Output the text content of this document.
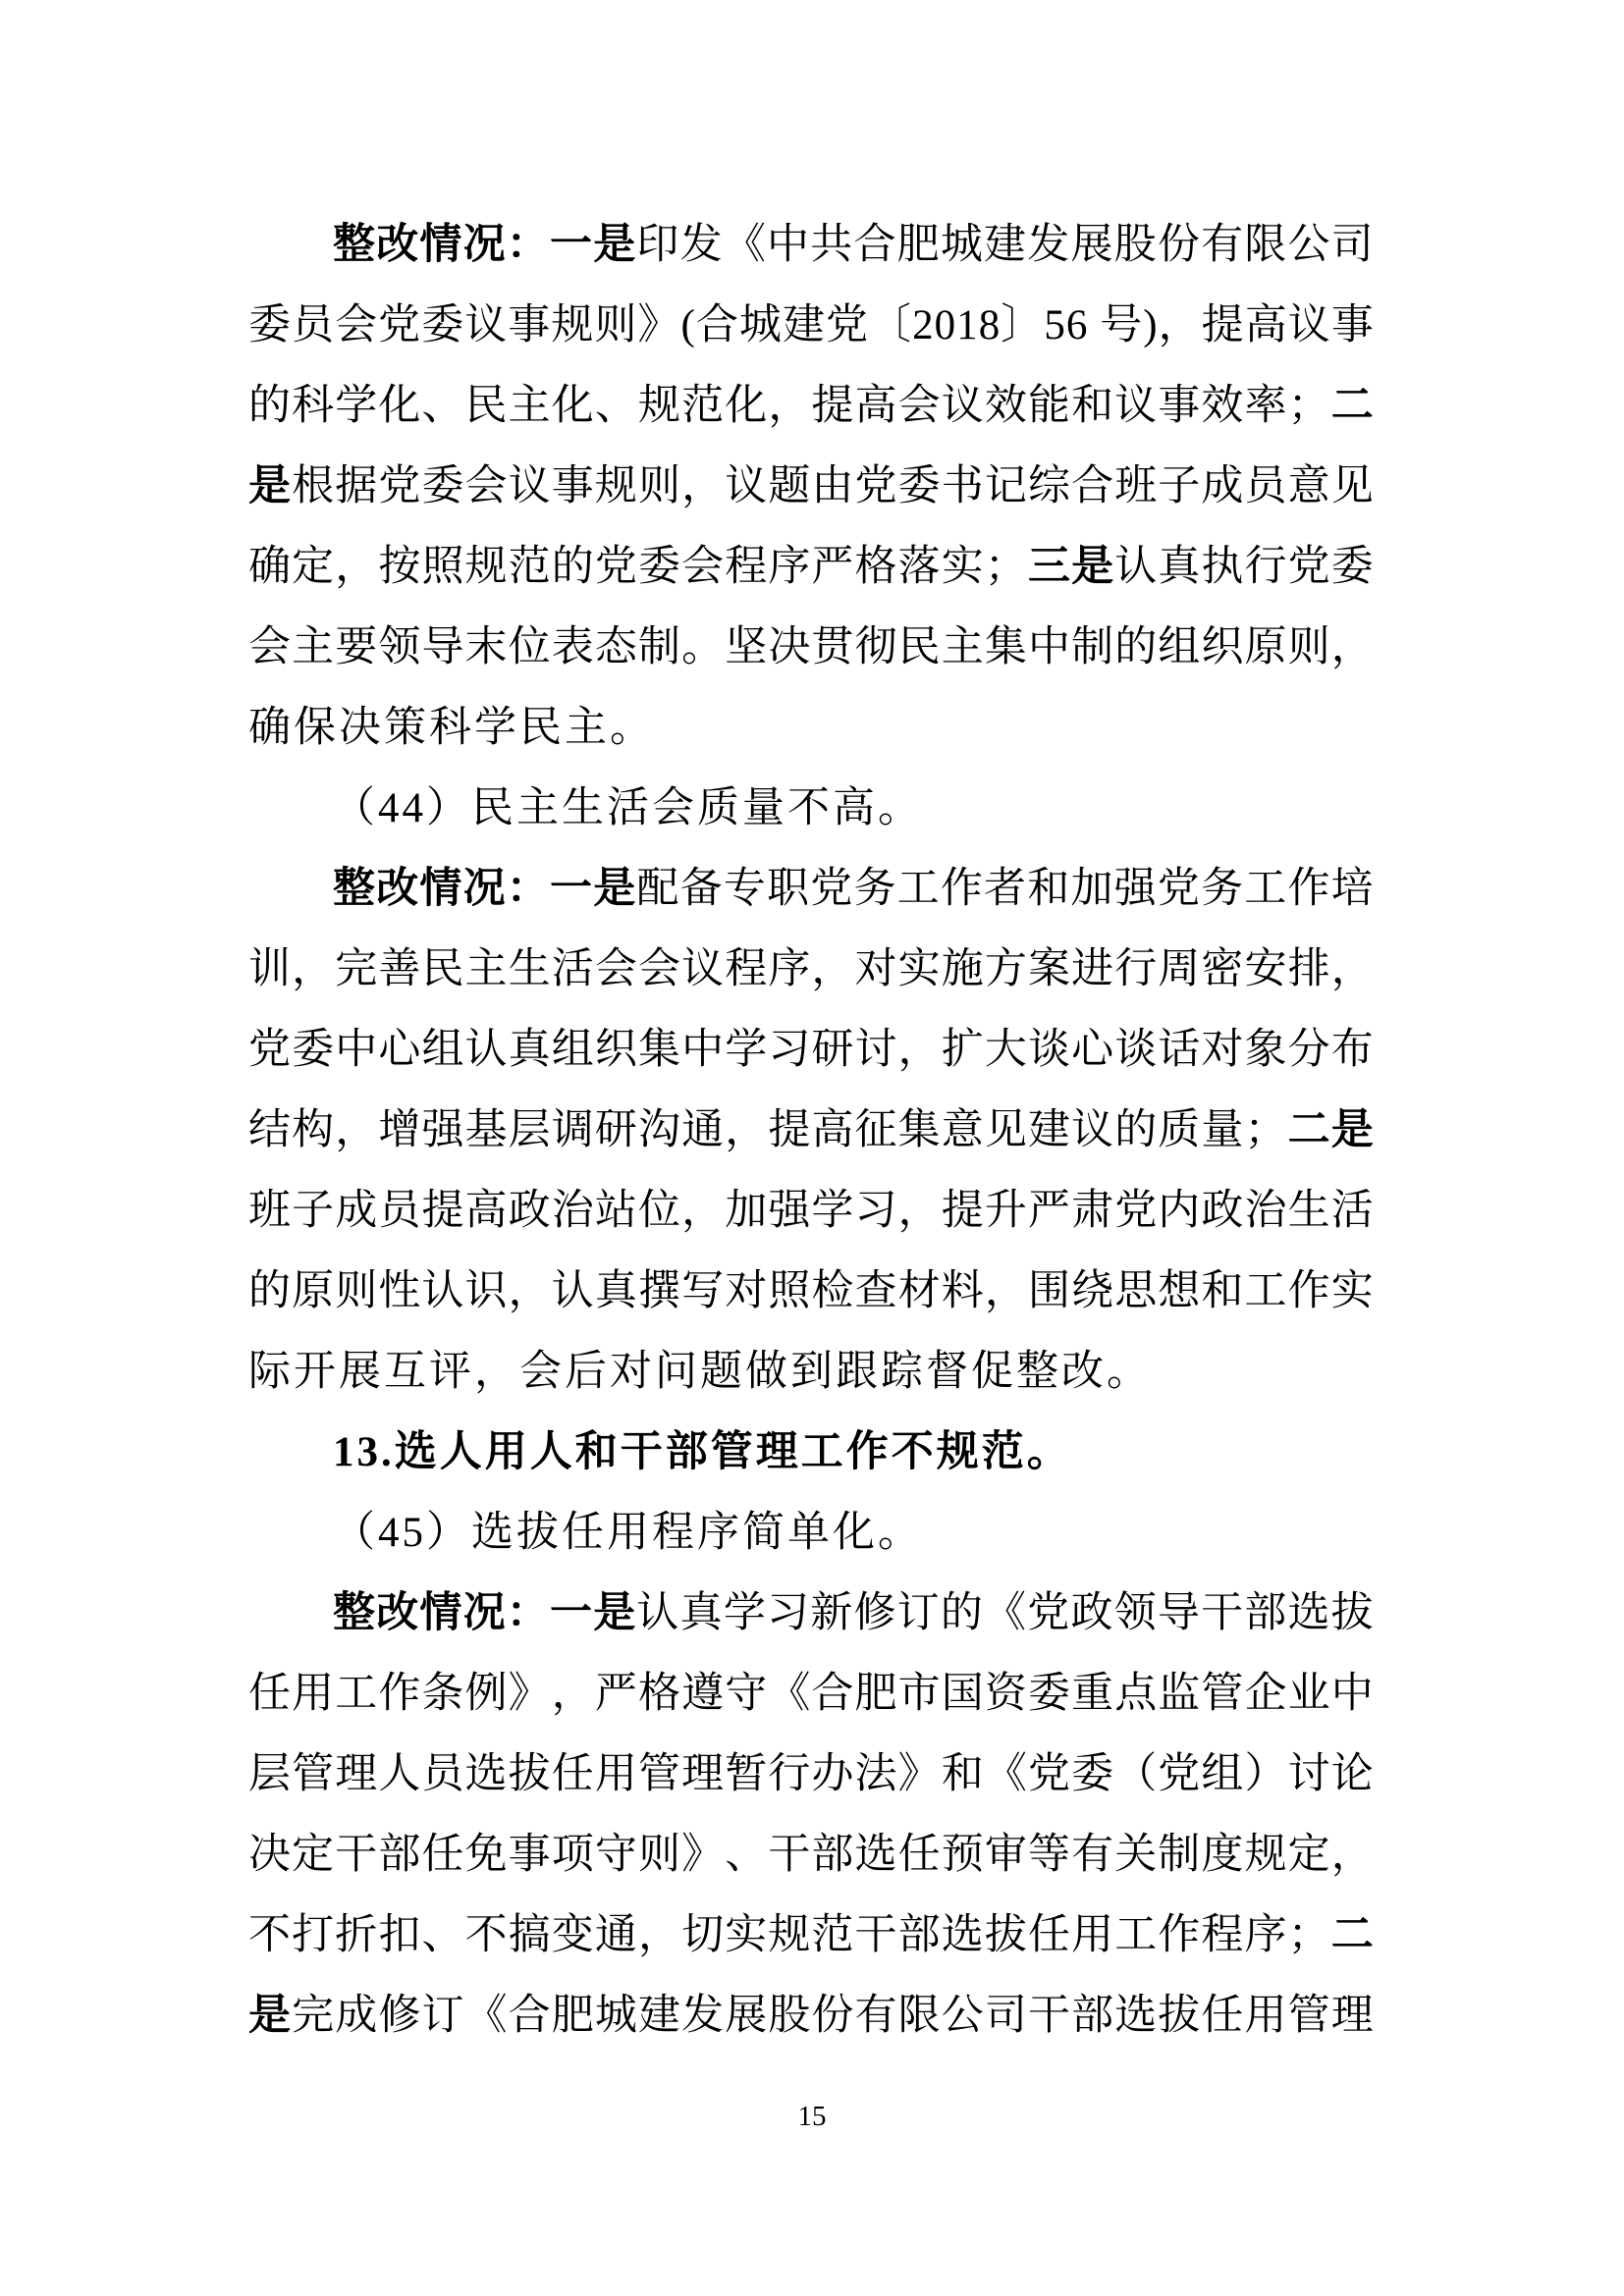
整 改 情 况 ： 一 是 印 发 《 中 共 合 肥 城 建 发 展 股 份 有 限 公 司
委 员 会 党 委 议 事 规 则 》 ( 合 城 建 党 〔 2 0 1 8 〕 5 6
号 ) ， 提 高 议 事
的 科 学 化 、 民 主 化 、 规 范 化 ， 提 高 会 议 效 能 和 议 事 效 率 ； 二
是 根 据 党 委 会 议 事 规 则 ， 议 题 由 党 委 书 记 综 合 班 子 成 员 意 见
确 定 ， 按 照 规 范 的 党 委 会 程 序 严 格 落 实 ； 三 是 认 真 执 行 党 委
会 主 要 领 导 末 位 表 态 制 。 坚 决 贯 彻 民 主 集 中 制 的 组 织 原 则 ，
确保决策科学民主。
（44）民主生活会质量不高。
整 改 情 况 ： 一 是 配 备 专 职 党 务 工 作 者 和 加 强 党 务 工 作 培
训 ， 完 善 民 主 生 活 会 会 议 程 序 ， 对 实 施 方 案 进 行 周 密 安 排 ，
党 委 中 心 组 认 真 组 织 集 中 学 习 研 讨 ， 扩 大 谈 心 谈 话 对 象 分 布
结 构 ， 增 强 基 层 调 研 沟 通 ， 提 高 征 集 意 见 建 议 的 质 量 ； 二 是
班 子 成 员 提 高 政 治 站 位 ， 加 强 学 习 ， 提 升 严 肃 党 内 政 治 生 活
的 原 则 性 认 识 ， 认 真 撰 写 对 照 检 查 材 料 ， 围 绕 思 想 和 工 作 实
际开展互评，会后对问题做到跟踪督促整改。
13.选人用人和干部管理工作不规范。
（45）选拔任用程序简单化。
整 改 情 况 ： 一 是 认 真 学 习 新 修 订 的 《 党 政 领 导 干 部 选 拔
任 用 工 作 条 例 》 ， 严 格 遵 守 《 合 肥 市 国 资 委 重 点 监 管 企 业 中
层 管 理 人 员 选 拔 任 用 管 理 暂 行 办 法 》 和 《 党 委 （ 党 组 ） 讨 论
决 定 干 部 任 免 事 项 守 则 》 、 干 部 选 任 预 审 等 有 关 制 度 规 定 ，
不 打 折 扣 、 不 搞 变 通 ， 切 实 规 范 干 部 选 拔 任 用 工 作 程 序 ； 二
是 完 成 修 订 《 合 肥 城 建 发 展 股 份 有 限 公 司 干 部 选 拔 任 用 管 理
15
